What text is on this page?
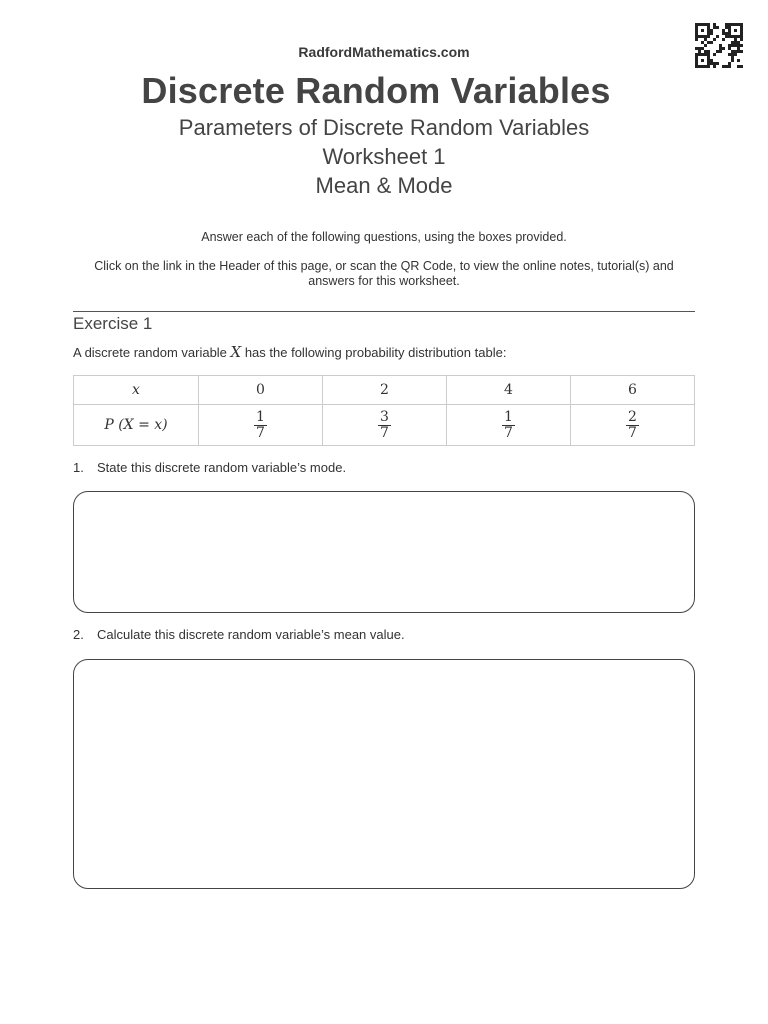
RadfordMathematics.com
Discrete Random Variables
Parameters of Discrete Random Variables
Worksheet 1
Mean & Mode
Answer each of the following questions, using the boxes provided.
Click on the link in the Header of this page, or scan the QR Code, to view the online notes, tutorial(s) and answers for this worksheet.
Exercise 1
A discrete random variable X has the following probability distribution table:
x	0	2	4	6
P (X = x)	$\frac{1}{7}$	$\frac{3}{7}$	$\frac{1}{7}$	$\frac{2}{7}$
1. State this discrete random variable’s mode.
2. Calculate this discrete random variable’s mean value.
